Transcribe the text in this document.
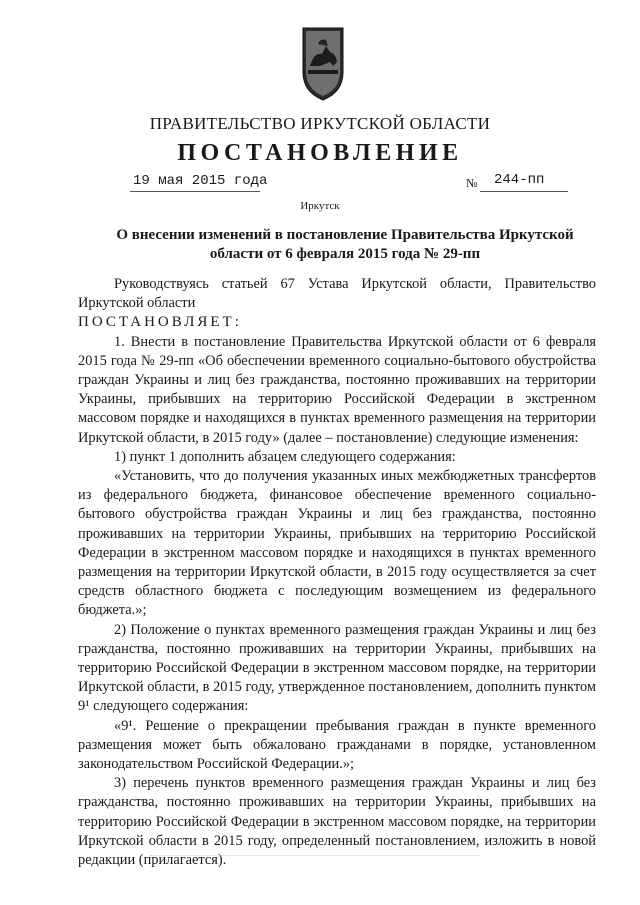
ПРАВИТЕЛЬСТВО ИРКУТСКОЙ ОБЛАСТИ
ПОСТАНОВЛЕНИЕ
19 мая 2015 года	№ 244-пп
Иркутск
О внесении изменений в постановление Правительства Иркутской области от 6 февраля 2015 года № 29-пп

Руководствуясь статьей 67 Устава Иркутской области, Правительство Иркутской области

ПОСТАНОВЛЯЕТ:

1. Внести в постановление Правительства Иркутской области от 6 февраля 2015 года № 29-пп «Об обеспечении временного социально-бытового обустройства граждан Украины и лиц без гражданства, постоянно проживавших на территории Украины, прибывших на территорию Российской Федерации в экстренном массовом порядке и находящихся в пунктах временного размещения на территории Иркутской области, в 2015 году» (далее – постановление) следующие изменения:

1) пункт 1 дополнить абзацем следующего содержания:

«Установить, что до получения указанных иных межбюджетных трансфертов из федерального бюджета, финансовое обеспечение временного социально-бытового обустройства граждан Украины и лиц без гражданства, постоянно проживавших на территории Украины, прибывших на территорию Российской Федерации в экстренном массовом порядке и находящихся в пунктах временного размещения на территории Иркутской области, в 2015 году осуществляется за счет средств областного бюджета с последующим возмещением из федерального бюджета.»;

2) Положение о пунктах временного размещения граждан Украины и лиц без гражданства, постоянно проживавших на территории Украины, прибывших на территорию Российской Федерации в экстренном массовом порядке, на территории Иркутской области, в 2015 году, утвержденное постановлением, дополнить пунктом 9¹ следующего содержания:

«9¹. Решение о прекращении пребывания граждан в пункте временного размещения может быть обжаловано гражданами в порядке, установленном законодательством Российской Федерации.»;

3) перечень пунктов временного размещения граждан Украины и лиц без гражданства, постоянно проживавших на территории Украины, прибывших на территорию Российской Федерации в экстренном массовом порядке, на территории Иркутской области в 2015 году, определенный постановлением, изложить в новой редакции (прилагается).
